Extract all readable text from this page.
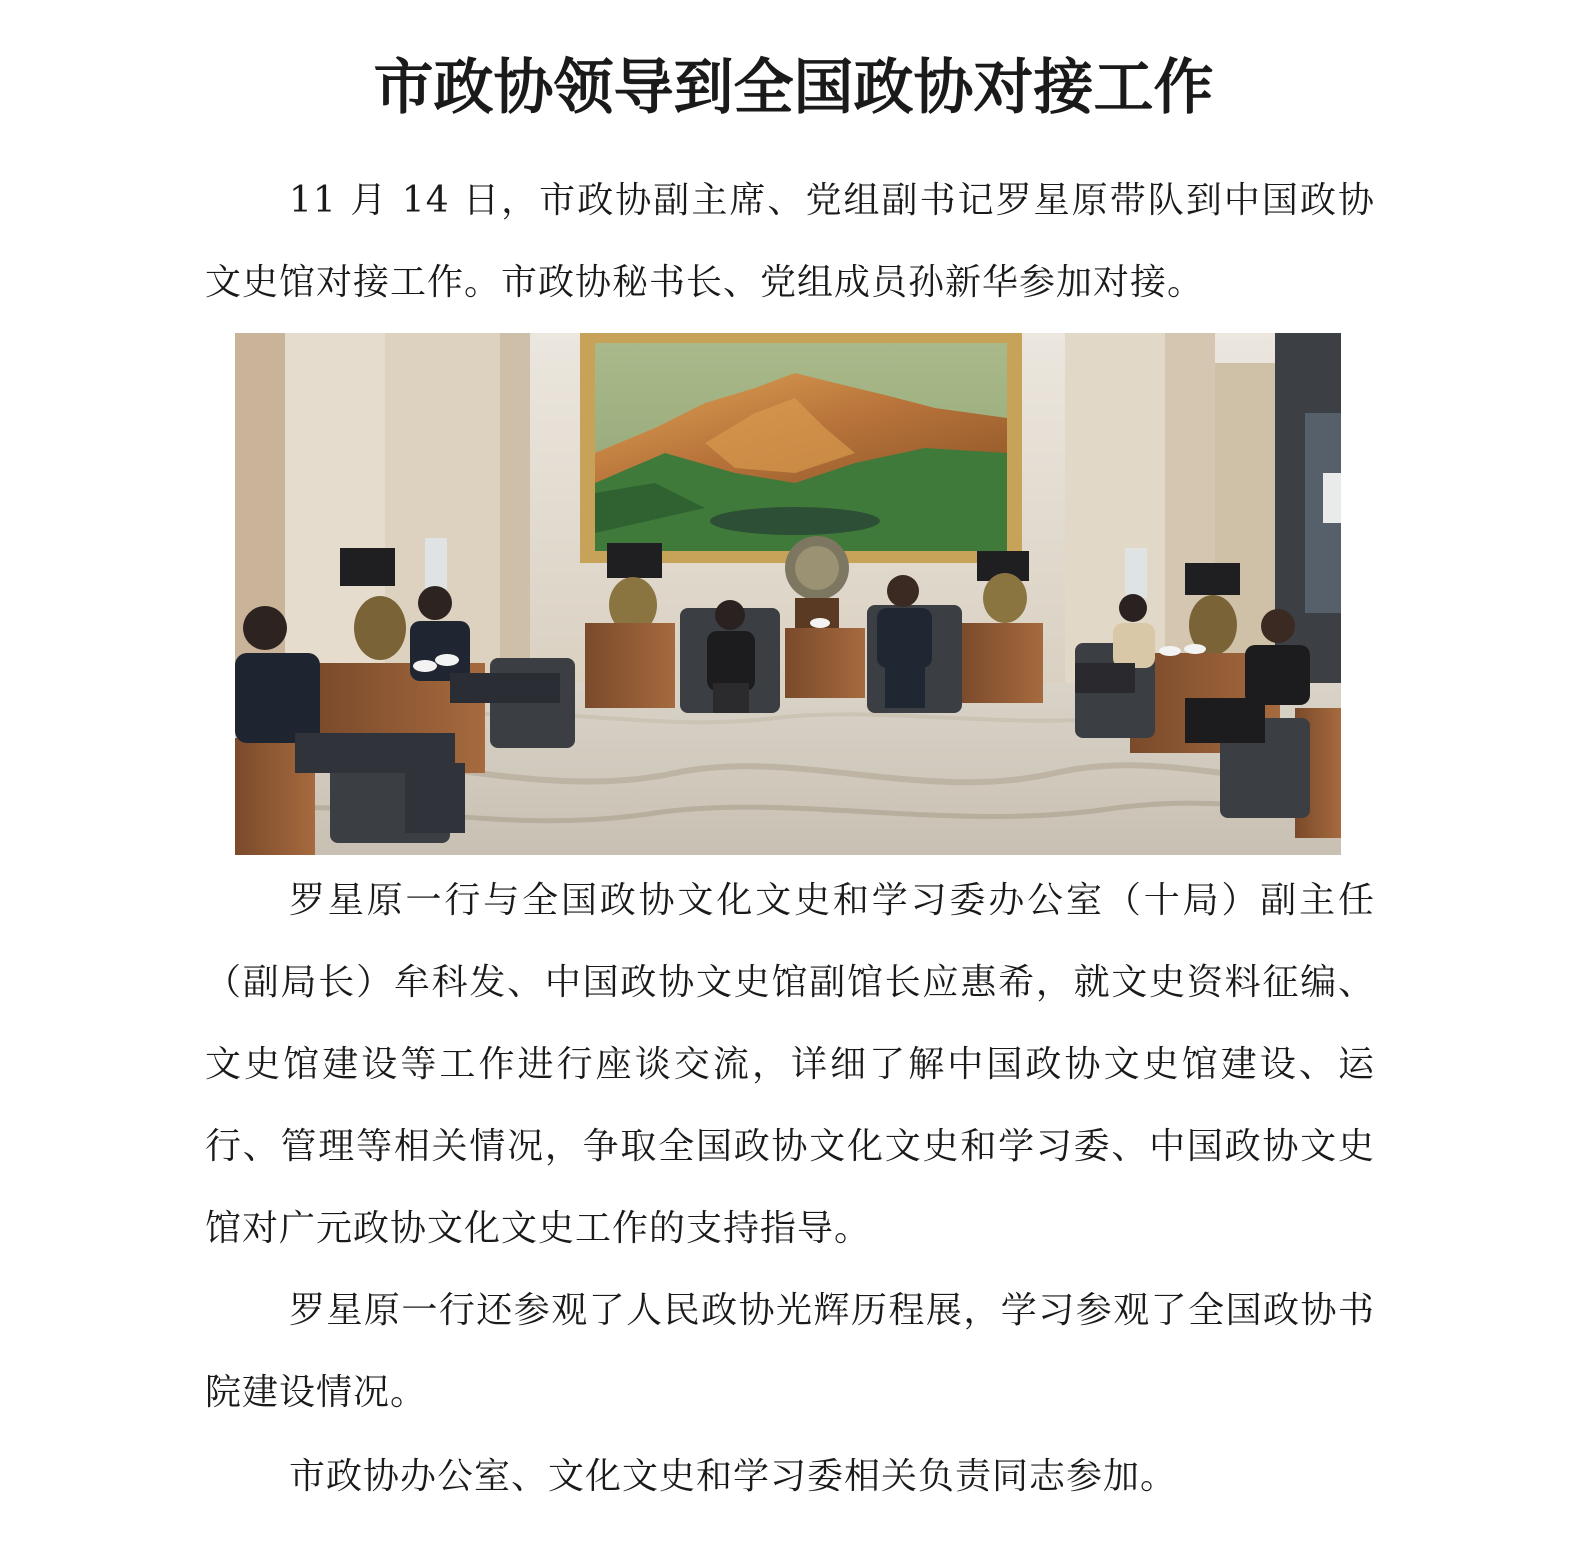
市政协领导到全国政协对接工作

11 月 14 日，市政协副主席、党组副书记罗星原带队到中国政协文史馆对接工作。市政协秘书长、党组成员孙新华参加对接。

罗星原一行与全国政协文化文史和学习委办公室（十局）副主任（副局长）牟科发、中国政协文史馆副馆长应惠希，就文史资料征编、文史馆建设等工作进行座谈交流，详细了解中国政协文史馆建设、运行、管理等相关情况，争取全国政协文化文史和学习委、中国政协文史馆对广元政协文化文史工作的支持指导。

罗星原一行还参观了人民政协光辉历程展，学习参观了全国政协书院建设情况。

市政协办公室、文化文史和学习委相关负责同志参加。
